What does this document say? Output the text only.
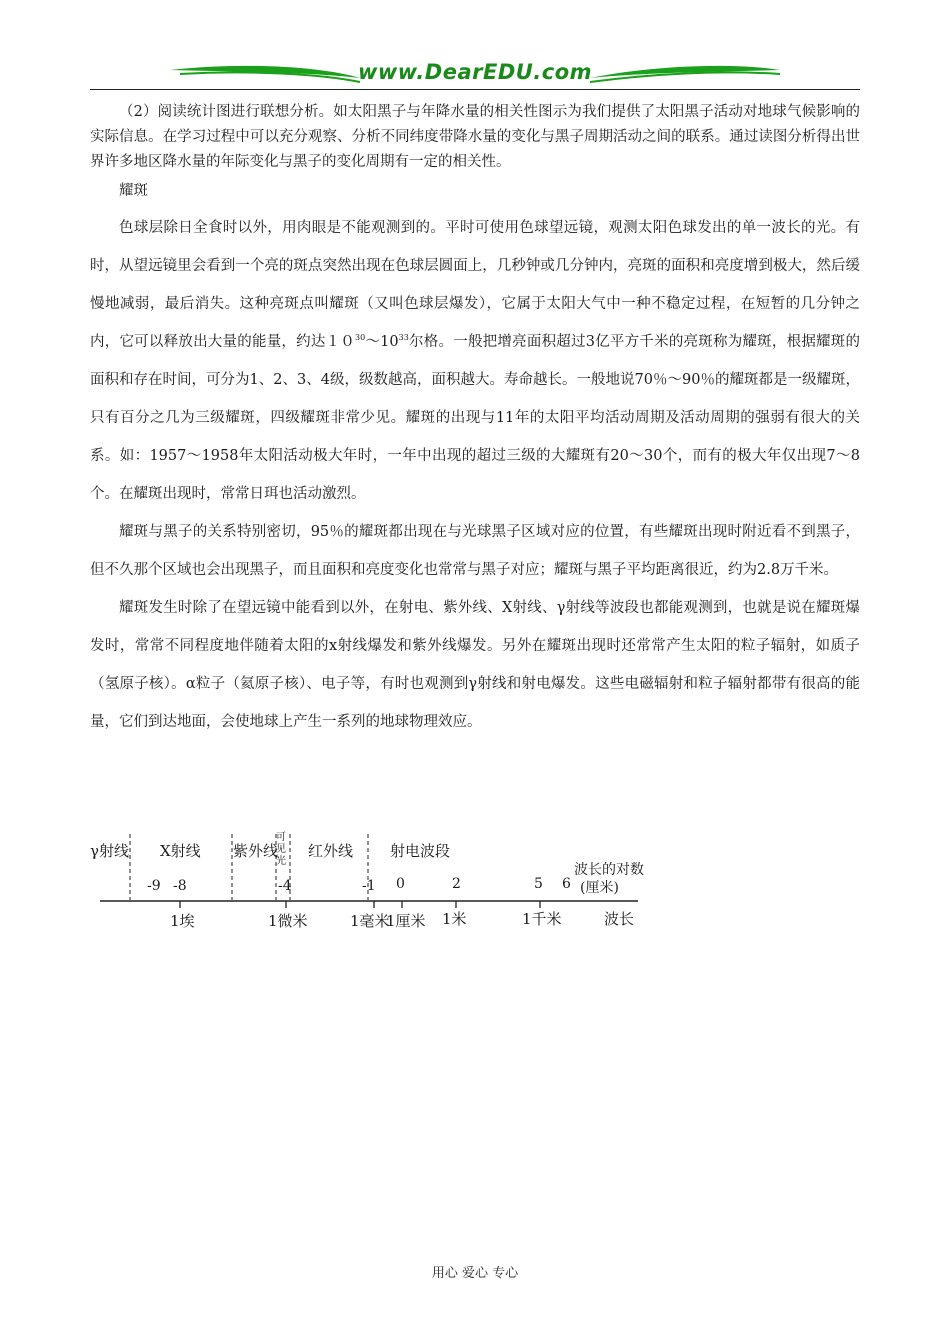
www.DearEDU.com

（2）阅读统计图进行联想分析。如太阳黑子与年降水量的相关性图示为我们提供了太阳黑子活动对地球气候影响的实际信息。在学习过程中可以充分观察、分析不同纬度带降水量的变化与黑子周期活动之间的联系。通过读图分析得出世界许多地区降水量的年际变化与黑子的变化周期有一定的相关性。

耀斑

色球层除日全食时以外，用肉眼是不能观测到的。平时可使用色球望远镜，观测太阳色球发出的单一波长的光。有时，从望远镜里会看到一个亮的斑点突然出现在色球层圆面上，几秒钟或几分钟内，亮斑的面积和亮度增到极大，然后缓慢地减弱，最后消失。这种亮斑点叫耀斑（又叫色球层爆发），它属于太阳大气中一种不稳定过程，在短暂的几分钟之内，它可以释放出大量的能量，约达$10^{30}\sim 10^{33}$尔格。一般把增亮面积超过3亿平方千米的亮斑称为耀斑，根据耀斑的面积和存在时间，可分为1、2、3、4级，级数越高，面积越大。寿命越长。一般地说70％～90％的耀斑都是一级耀斑，只有百分之几为三级耀斑，四级耀斑非常少见。耀斑的出现与11年的太阳平均活动周期及活动周期的强弱有很大的关系。如：1957～1958年太阳活动极大年时，一年中出现的超过三级的大耀斑有20～30个，而有的极大年仅出现7～8个。在耀斑出现时，常常日珥也活动激烈。

耀斑与黑子的关系特别密切，95％的耀斑都出现在与光球黑子区域对应的位置，有些耀斑出现时附近看不到黑子，但不久那个区域也会出现黑子，而且面积和亮度变化也常常与黑子对应；耀斑与黑子平均距离很近，约为2.8万千米。

耀斑发生时除了在望远镜中能看到以外，在射电、紫外线、X射线、γ射线等波段也都能观测到，也就是说在耀斑爆发时，常常不同程度地伴随着太阳的x射线爆发和紫外线爆发。另外在耀斑出现时还常常产生太阳的粒子辐射，如质子（氢原子核）。α粒子（氦原子核）、电子等，有时也观测到γ射线和射电爆发。这些电磁辐射和粒子辐射都带有很高的能量，它们到达地面，会使地球上产生一系列的地球物理效应。

γ射线 X射线 紫外线
可
见
光
红外线 射电波段
-9 -8	-4	-1 0	2	5 6
波长的对数
(厘米)
1埃	1微米	1毫米
1厘米 1米	1千米	波长
用心 爱心 专心
